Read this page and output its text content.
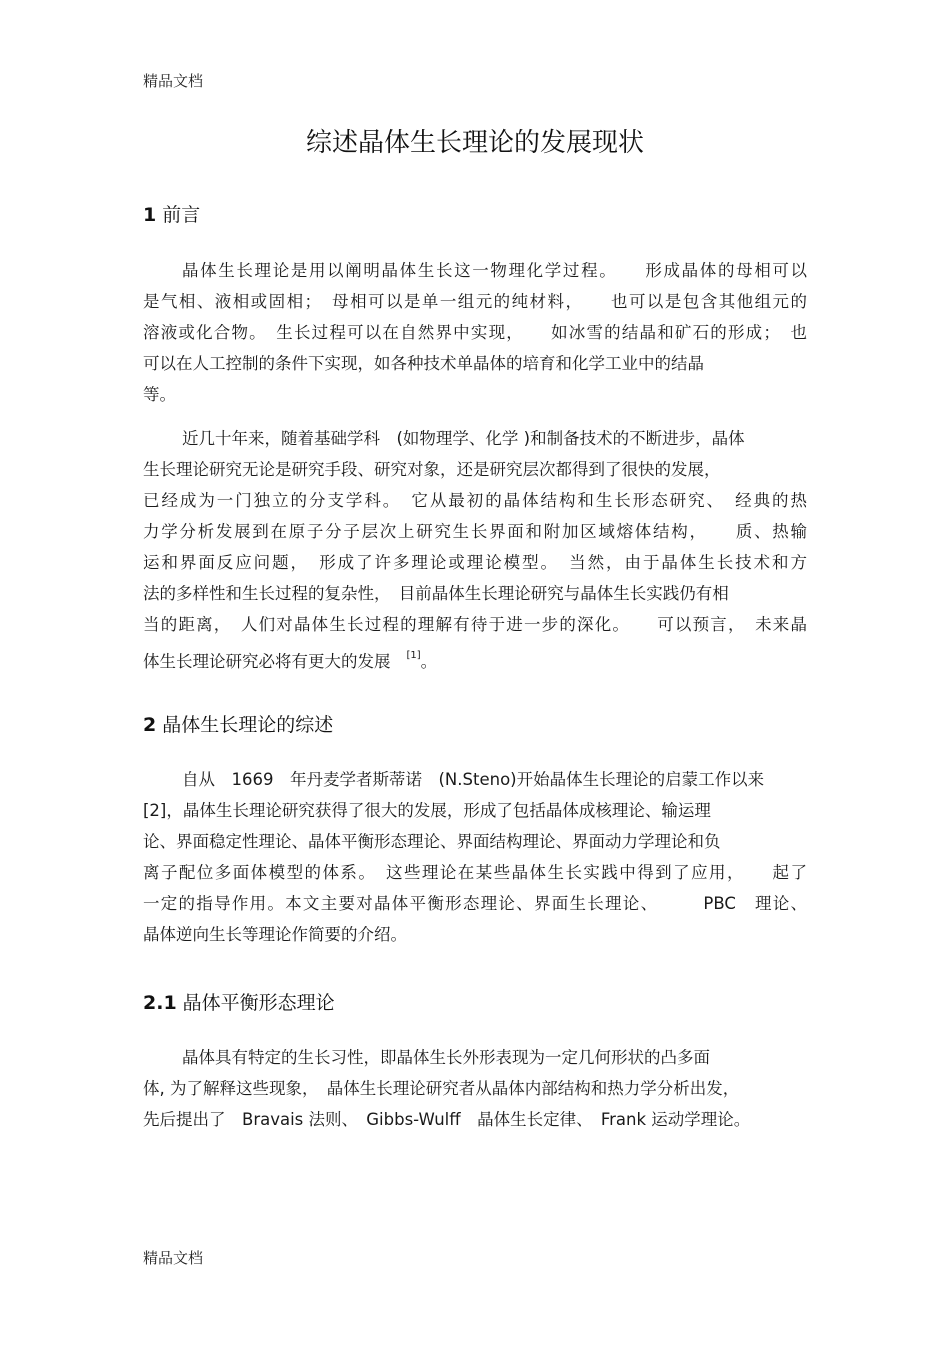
精品文档
综述晶体生长理论的发展现状
1 前言
晶体生长理论是用以阐明晶体生长这一物理化学过程。　　形成晶体的母相可以
是气相、液相或固相；　母相可以是单一组元的纯材料，　　也可以是包含其他组元的
溶液或化合物。　生长过程可以在自然界中实现，　　如冰雪的结晶和矿石的形成；　也
可以在人工控制的条件下实现，如各种技术单晶体的培育和化学工业中的结晶
等。
近几十年来，随着基础学科　(如物理学、化学 )和制备技术的不断进步，晶体
生长理论研究无论是研究手段、研究对象，还是研究层次都得到了很快的发展，
已经成为一门独立的分支学科。　它从最初的晶体结构和生长形态研究、　经典的热
力学分析发展到在原子分子层次上研究生长界面和附加区域熔体结构，　　质、热输
运和界面反应问题，　形成了许多理论或理论模型。　当然，由于晶体生长技术和方
法的多样性和生长过程的复杂性，　目前晶体生长理论研究与晶体生长实践仍有相
当的距离，　人们对晶体生长过程的理解有待于进一步的深化。　　可以预言，　未来晶
体生长理论研究必将有更大的发展 [1]。
2 晶体生长理论的综述
自从　1669　年丹麦学者斯蒂诺　(N.Steno)开始晶体生长理论的启蒙工作以来
[2]，晶体生长理论研究获得了很大的发展，形成了包括晶体成核理论、输运理
论、界面稳定性理论、晶体平衡形态理论、界面结构理论、界面动力学理论和负
离子配位多面体模型的体系。　这些理论在某些晶体生长实践中得到了应用，　　起了
一定的指导作用。本文主要对晶体平衡形态理论、界面生长理论、　　　PBC　理论、
晶体逆向生长等理论作简要的介绍。
2.1 晶体平衡形态理论
晶体具有特定的生长习性，即晶体生长外形表现为一定几何形状的凸多面
体, 为了解释这些现象，　晶体生长理论研究者从晶体内部结构和热力学分析出发，
先后提出了　Bravais 法则、　Gibbs-Wulff　晶体生长定律、　Frank 运动学理论。
精品文档
